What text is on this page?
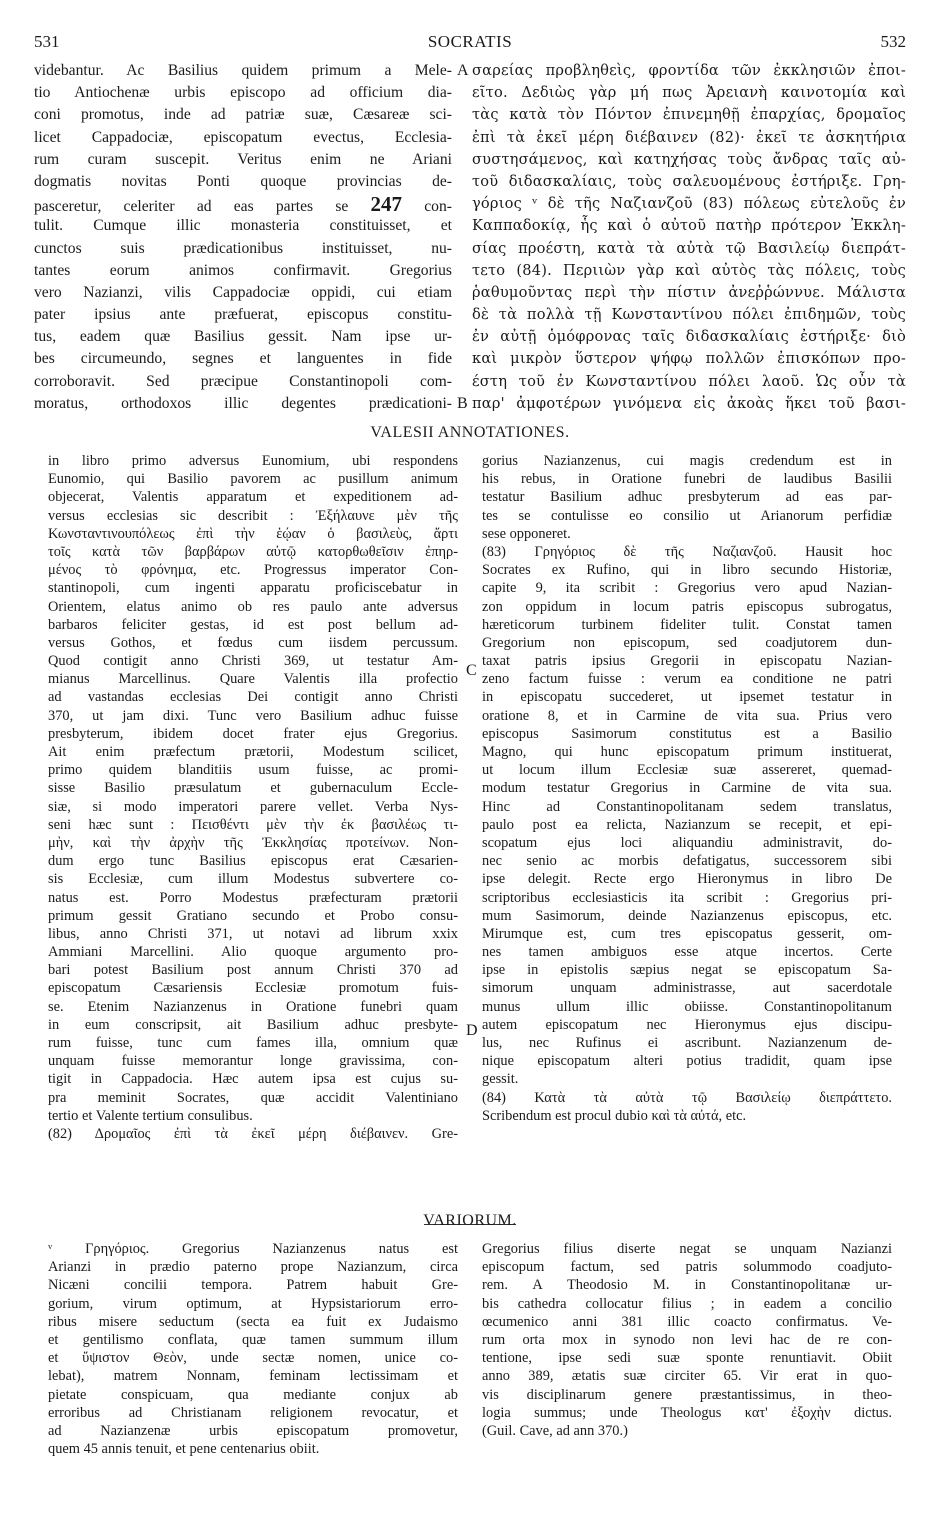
531	SOCRATIS	532
videbantur. Ac Basilius quidem primum a Mele-
tio Antiochenæ urbis episcopo ad officium dia-
coni promotus, inde ad patriæ suæ, Cæsareæ sci-
licet Cappadociæ, episcopatum evectus, Ecclesia-
rum curam suscepit. Veritus enim ne Ariani
dogmatis novitas Ponti quoque provincias de-
pasceretur, celeriter ad eas partes se 247 con-
tulit. Cumque illic monasteria constituisset, et
cunctos suis prædicationibus instituisset, nu-
tantes eorum animos confirmavit. Gregorius
vero Nazianzi, vilis Cappadociæ oppidi, cui etiam
pater ipsius ante præfuerat, episcopus constitu-
tus, eadem quæ Basilius gessit. Nam ipse ur-
bes circumeundo, segnes et languentes in fide
corroboravit. Sed præcipue Constantinopoli com-
moratus, orthodoxos illic degentes prædicationi-
A
B
σαρείας προβληθεὶς, φροντίδα τῶν ἐκκλησιῶν ἐποι-
εῖτο. Δεδιὼς γὰρ μή πως Ἀρειανὴ καινοτομία καὶ
τὰς κατὰ τὸν Πόντον ἐπινεμηθῇ ἐπαρχίας, δρομαῖος
ἐπὶ τὰ ἐκεῖ μέρη διέβαινεν (82)· ἐκεῖ τε ἀσκητήρια
συστησάμενος, καὶ κατηχήσας τοὺς ἄνδρας ταῖς αὐ-
τοῦ διδασκαλίαις, τοὺς σαλευομένους ἐστήριξε. Γρη-
γόριος ᵛ δὲ τῆς Ναζιανζοῦ (83) πόλεως εὐτελοῦς ἐν
Καππαδοκίᾳ, ἧς καὶ ὁ αὐτοῦ πατὴρ πρότερον Ἐκκλη-
σίας προέστη, κατὰ τὰ αὐτὰ τῷ Βασιλείῳ διεπράτ-
τετο (84). Περιιὼν γὰρ καὶ αὐτὸς τὰς πόλεις, τοὺς
ῥαθυμοῦντας περὶ τὴν πίστιν ἀνεῤῥώννυε. Μάλιστα
δὲ τὰ πολλὰ τῇ Κωνσταντίνου πόλει ἐπιδημῶν, τοὺς
ἐν αὐτῇ ὁμόφρονας ταῖς διδασκαλίαις ἐστήριξε· διὸ
καὶ μικρὸν ὕστερον ψήφῳ πολλῶν ἐπισκόπων προ-
έστη τοῦ ἐν Κωνσταντίνου πόλει λαοῦ. Ὡς οὖν τὰ
παρ' ἀμφοτέρων γινόμενα εἰς ἀκοὰς ἥκει τοῦ βασι-
VALESII ANNOTATIONES.
in libro primo adversus Eunomium, ubi respondens
Eunomio, qui Basilio pavorem ac pusillum animum
objecerat, Valentis apparatum et expeditionem ad-
versus ecclesias sic describit : Ἐξήλαυνε μὲν τῆς
Κωνσταντινουπόλεως ἐπὶ τὴν ἑῴαν ὁ βασιλεὺς, ἄρτι
τοῖς κατὰ τῶν βαρβάρων αὐτῷ κατορθωθεῖσιν ἐπηρ-
μένος τὸ φρόνημα, etc. Progressus imperator Con-
stantinopoli, cum ingenti apparatu proficiscebatur in
Orientem, elatus animo ob res paulo ante adversus
barbaros feliciter gestas, id est post bellum ad-
versus Gothos, et fœdus cum iisdem percussum.
Quod contigit anno Christi 369, ut testatur Am-
mianus Marcellinus. Quare Valentis illa profectio
ad vastandas ecclesias Dei contigit anno Christi
370, ut jam dixi. Tunc vero Basilium adhuc fuisse
presbyterum, ibidem docet frater ejus Gregorius.
Ait enim præfectum prætorii, Modestum scilicet,
primo quidem blanditiis usum fuisse, ac promi-
sisse Basilio præsulatum et gubernaculum Eccle-
siæ, si modo imperatori parere vellet. Verba Nys-
seni hæc sunt : Πεισθέντι μὲν τὴν ἐκ βασιλέως τι-
μὴν, καὶ τὴν ἀρχὴν τῆς Ἐκκλησίας προτείνων. Non-
dum ergo tunc Basilius episcopus erat Cæsarien-
sis Ecclesiæ, cum illum Modestus subvertere co-
natus est. Porro Modestus præfecturam prætorii
primum gessit Gratiano secundo et Probo consu-
libus, anno Christi 371, ut notavi ad librum xxix
Ammiani Marcellini. Alio quoque argumento pro-
bari potest Basilium post annum Christi 370 ad
episcopatum Cæsariensis Ecclesiæ promotum fuis-
se. Etenim Nazianzenus in Oratione funebri quam
in eum conscripsit, ait Basilium adhuc presbyte-
rum fuisse, tunc cum fames illa, omnium quæ
unquam fuisse memorantur longe gravissima, con-
tigit in Cappadocia. Hæc autem ipsa est cujus su-
pra meminit Socrates, quæ accidit Valentiniano
tertio et Valente tertium consulibus.
(82) Δρομαῖος ἐπὶ τὰ ἐκεῖ μέρη διέβαινεν. Gre-
C
D
gorius Nazianzenus, cui magis credendum est in
his rebus, in Oratione funebri de laudibus Basilii
testatur Basilium adhuc presbyterum ad eas par-
tes se contulisse eo consilio ut Arianorum perfidiæ
sese opponeret.
(83) Γρηγόριος δὲ τῆς Ναζιανζοῦ. Hausit hoc
Socrates ex Rufino, qui in libro secundo Historiæ,
capite 9, ita scribit : Gregorius vero apud Nazian-
zon oppidum in locum patris episcopus subrogatus,
hæreticorum turbinem fideliter tulit. Constat tamen
Gregorium non episcopum, sed coadjutorem dun-
taxat patris ipsius Gregorii in episcopatu Nazian-
zeno factum fuisse : verum ea conditione ne patri
in episcopatu succederet, ut ipsemet testatur in
oratione 8, et in Carmine de vita sua. Prius vero
episcopus Sasimorum constitutus est a Basilio
Magno, qui hunc episcopatum primum instituerat,
ut locum illum Ecclesiæ suæ assereret, quemad-
modum testatur Gregorius in Carmine de vita sua.
Hinc ad Constantinopolitanam sedem translatus,
paulo post ea relicta, Nazianzum se recepit, et epi-
scopatum ejus loci aliquandiu administravit, do-
nec senio ac morbis defatigatus, successorem sibi
ipse delegit. Recte ergo Hieronymus in libro De
scriptoribus ecclesiasticis ita scribit : Gregorius pri-
mum Sasimorum, deinde Nazianzenus episcopus, etc.
Mirumque est, cum tres episcopatus gesserit, om-
nes tamen ambiguos esse atque incertos. Certe
ipse in epistolis sæpius negat se episcopatum Sa-
simorum unquam administrasse, aut sacerdotale
munus ullum illic obiisse. Constantinopolitanum
autem episcopatum nec Hieronymus ejus discipu-
lus, nec Rufinus ei ascribunt. Nazianzenum de-
nique episcopatum alteri potius tradidit, quam ipse
gessit.
(84) Κατὰ τὰ αὐτὰ τῷ Βασιλείῳ διεπράττετο.
Scribendum est procul dubio καὶ τὰ αὐτά, etc.
VARIORUM.
ᵛ Γρηγόριος. Gregorius Nazianzenus natus est
Arianzi in prædio paterno prope Nazianzum, circa
Nicæni concilii tempora. Patrem habuit Gre-
gorium, virum optimum, at Hypsistariorum erro-
ribus misere seductum (secta ea fuit ex Judaismo
et gentilismo conflata, quæ tamen summum illum
et ὕψιστον Θεὸν, unde sectæ nomen, unice co-
lebat), matrem Nonnam, feminam lectissimam et
pietate conspicuam, qua mediante conjux ab
erroribus ad Christianam religionem revocatur, et
ad Nazianzenæ urbis episcopatum promovetur,
quem 45 annis tenuit, et pene centenarius obiit.
Gregorius filius diserte negat se unquam Nazianzi
episcopum factum, sed patris solummodo coadjuto-
rem. A Theodosio M. in Constantinopolitanæ ur-
bis cathedra collocatur filius ; in eadem a concilio
œcumenico anni 381 illic coacto confirmatus. Ve-
rum orta mox in synodo non levi hac de re con-
tentione, ipse sedi suæ sponte renuntiavit. Obiit
anno 389, ætatis suæ circiter 65. Vir erat in quo-
vis disciplinarum genere præstantissimus, in theo-
logia summus; unde Theologus κατ' ἐξοχὴν dictus.
(Guil. Cave, ad ann 370.)
